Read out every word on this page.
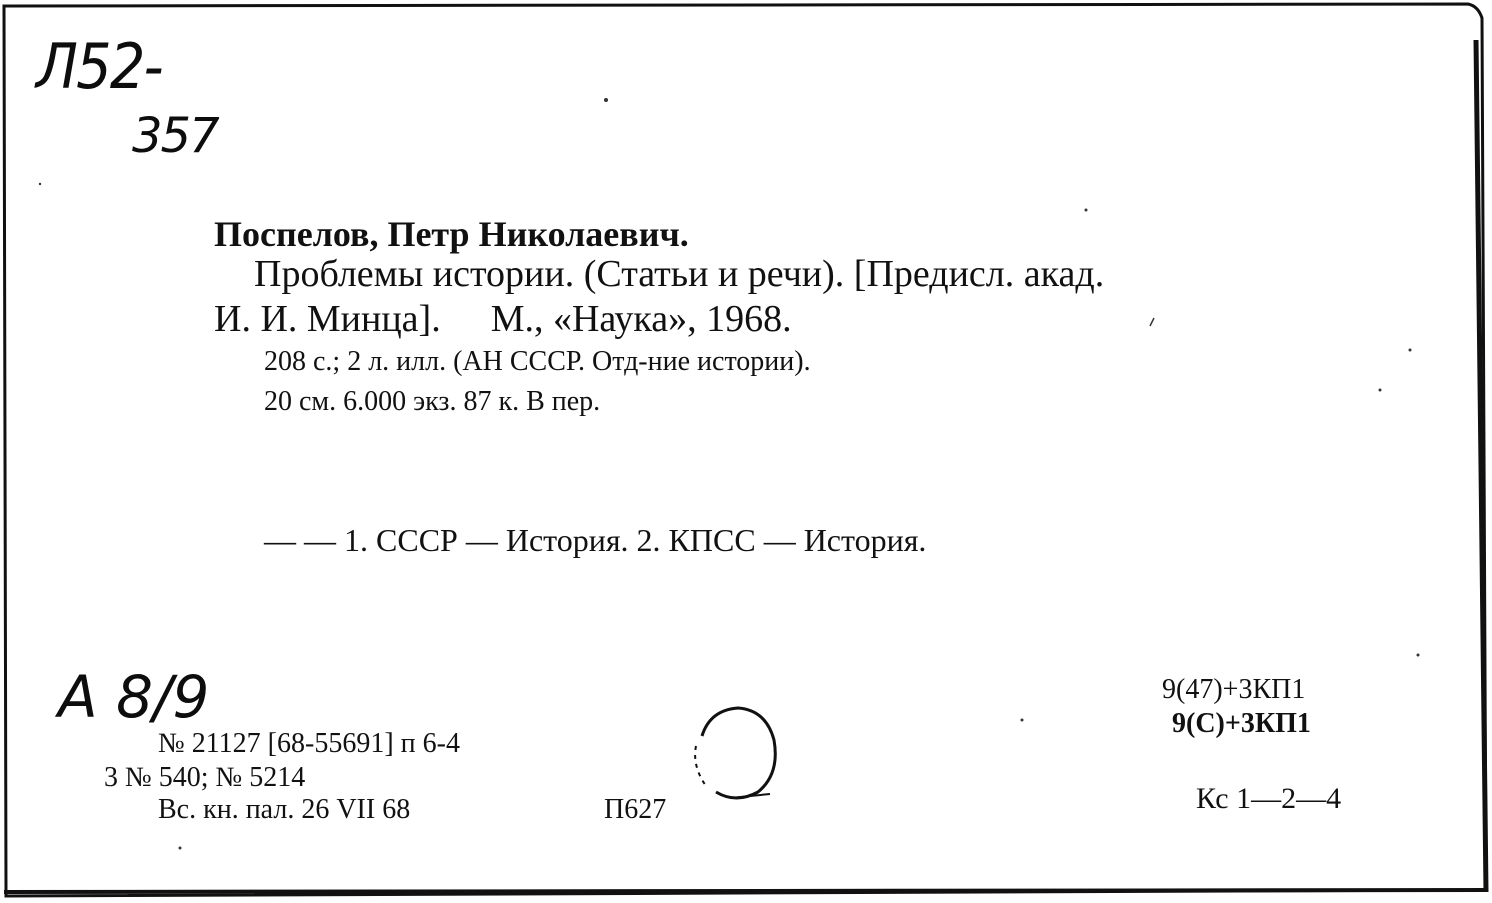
Л52-
357
Поспелов, Петр Николаевич.
Проблемы истории. (Статьи и речи). [Предисл. акад.
И. И. Минца]. М., «Наука», 1968.
208 с.; 2 л. илл. (АН СССР. Отд-ние истории).
20 см. 6.000 экз. 87 к. В пер.
— — 1. СССР — История. 2. КПСС — История.
А 8/9
№ 21127 [68-55691] п 6-4
3 № 540; № 5214
Вс. кн. пал. 26 VII 68	П627
9(47)+3КП1
9(С)+3КП1
Кс 1—2—4
